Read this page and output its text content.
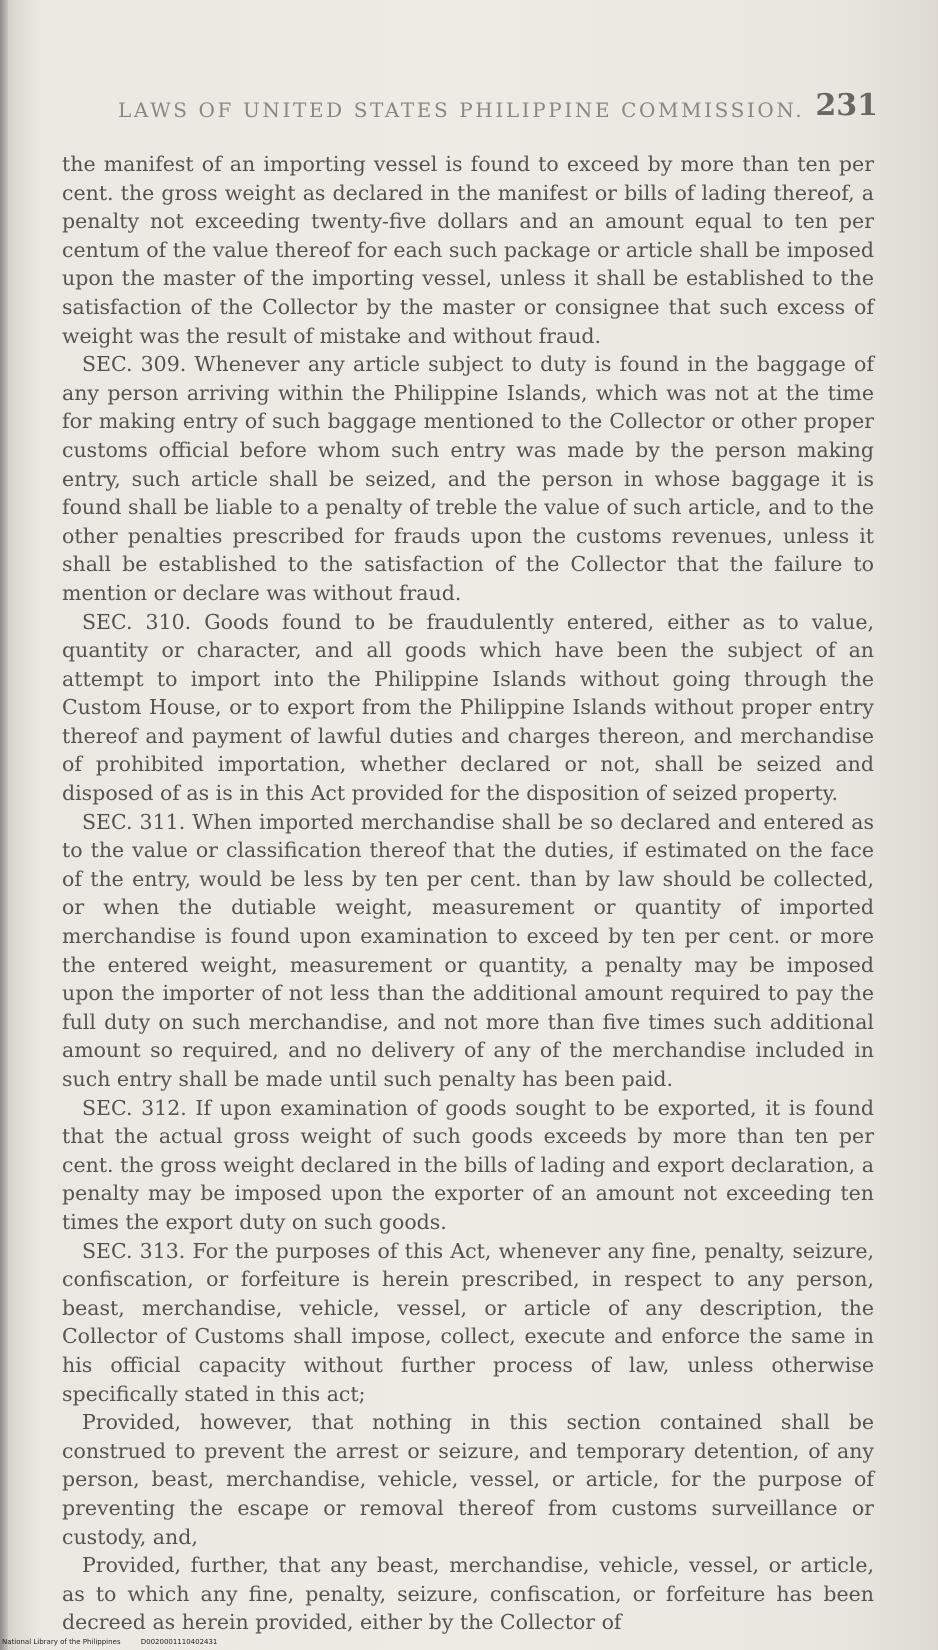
LAWS OF UNITED STATES PHILIPPINE COMMISSION. 231

the manifest of an importing vessel is found to exceed by more than ten per cent. the gross weight as declared in the manifest or bills of lading thereof, a penalty not exceeding twenty-five dollars and an amount equal to ten per centum of the value thereof for each such package or article shall be imposed upon the master of the importing vessel, unless it shall be established to the satisfaction of the Collector by the master or consignee that such excess of weight was the result of mistake and without fraud.

SEC. 309. Whenever any article subject to duty is found in the baggage of any person arriving within the Philippine Islands, which was not at the time for making entry of such baggage mentioned to the Collector or other proper customs official before whom such entry was made by the person making entry, such article shall be seized, and the person in whose baggage it is found shall be liable to a penalty of treble the value of such article, and to the other penalties prescribed for frauds upon the customs revenues, unless it shall be established to the satisfaction of the Collector that the failure to mention or declare was without fraud.

SEC. 310. Goods found to be fraudulently entered, either as to value, quantity or character, and all goods which have been the subject of an attempt to import into the Philippine Islands without going through the Custom House, or to export from the Philippine Islands without proper entry thereof and payment of lawful duties and charges thereon, and merchandise of prohibited importation, whether declared or not, shall be seized and disposed of as is in this Act provided for the disposition of seized property.

SEC. 311. When imported merchandise shall be so declared and entered as to the value or classification thereof that the duties, if estimated on the face of the entry, would be less by ten per cent. than by law should be collected, or when the dutiable weight, measurement or quantity of imported merchandise is found upon examination to exceed by ten per cent. or more the entered weight, measurement or quantity, a penalty may be imposed upon the importer of not less than the additional amount required to pay the full duty on such merchandise, and not more than five times such additional amount so required, and no delivery of any of the merchandise included in such entry shall be made until such penalty has been paid.

SEC. 312. If upon examination of goods sought to be exported, it is found that the actual gross weight of such goods exceeds by more than ten per cent. the gross weight declared in the bills of lading and export declaration, a penalty may be imposed upon the exporter of an amount not exceeding ten times the export duty on such goods.

SEC. 313. For the purposes of this Act, whenever any fine, penalty, seizure, confiscation, or forfeiture is herein prescribed, in respect to any person, beast, merchandise, vehicle, vessel, or article of any description, the Collector of Customs shall impose, collect, execute and enforce the same in his official capacity without further process of law, unless otherwise specifically stated in this act;

Provided, however, that nothing in this section contained shall be construed to prevent the arrest or seizure, and temporary detention, of any person, beast, merchandise, vehicle, vessel, or article, for the purpose of preventing the escape or removal thereof from customs surveillance or custody, and,

Provided, further, that any beast, merchandise, vehicle, vessel, or article, as to which any fine, penalty, seizure, confiscation, or forfeiture has been decreed as herein provided, either by the Collector of

National Library of the Philippines	D0020001110402431
